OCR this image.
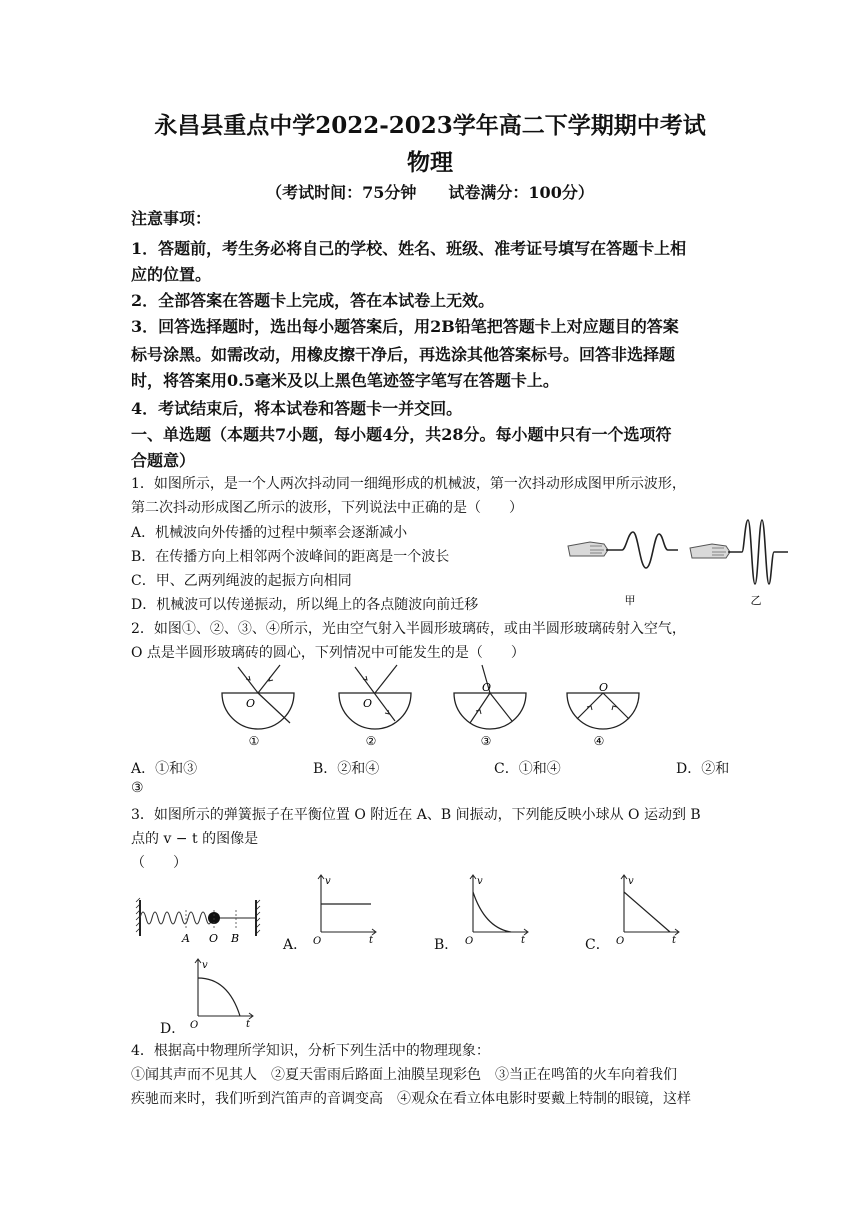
永昌县重点中学2022-2023学年高二下学期期中考试
物理
（考试时间：75分钟　　试卷满分：100分）
注意事项：
1．答题前，考生务必将自己的学校、姓名、班级、准考证号填写在答题卡上相
应的位置。
2．全部答案在答题卡上完成，答在本试卷上无效。
3．回答选择题时，选出每小题答案后，用2B铅笔把答题卡上对应题目的答案
标号涂黑。如需改动，用橡皮擦干净后，再选涂其他答案标号。回答非选择题
时，将答案用0.5毫米及以上黑色笔迹签字笔写在答题卡上。
4．考试结束后，将本试卷和答题卡一并交回。
一、单选题（本题共7小题，每小题4分，共28分。每小题中只有一个选项符
合题意）
1．如图所示，是一个人两次抖动同一细绳形成的机械波，第一次抖动形成图甲所示波形，
第二次抖动形成图乙所示的波形，下列说法中正确的是（　　）
A．机械波向外传播的过程中频率会逐渐减小
B．在传播方向上相邻两个波峰间的距离是一个波长
C．甲、乙两列绳波的起振方向相同
D．机械波可以传递振动，所以绳上的各点随波向前迁移	甲	乙
2．如图①、②、③、④所示，光由空气射入半圆形玻璃砖，或由半圆形玻璃砖射入空气，
O 点是半圆形玻璃砖的圆心，下列情况中可能发生的是（　　）
O
①
O
②
O
③
O
④
A．①和③	B．②和④	C．①和④	D．②和
③
3．如图所示的弹簧振子在平衡位置 O 附近在 A、B 间振动，下列能反映小球从 O 运动到 B
点的 v − t 的图像是
（　　）
A O B	A．	B．	C．
D．
v
t
O
v
t
O
v
t
O
v
t
O
4．根据高中物理所学知识，分析下列生活中的物理现象：
①闻其声而不见其人　②夏天雷雨后路面上油膜呈现彩色　③当正在鸣笛的火车向着我们
疾驰而来时，我们听到汽笛声的音调变高　④观众在看立体电影时要戴上特制的眼镜，这样
